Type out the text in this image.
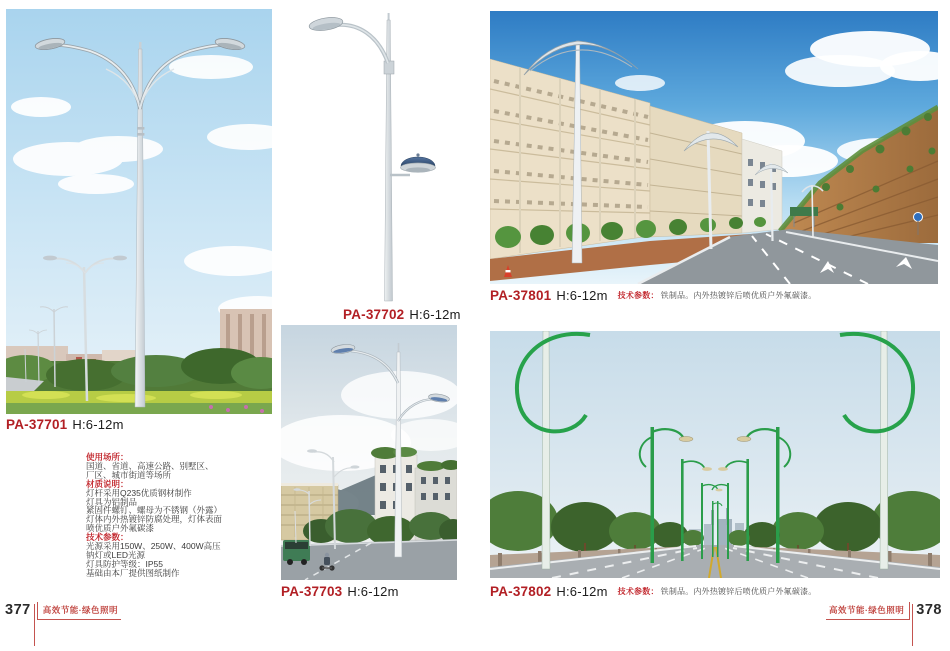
PA-37701 H:6-12m
使用场所：
国道、省道、高速公路、别墅区、
厂区、城市街道等场所
材质说明：
灯杆采用Q235优质钢材制作
灯具为铝制品
紧固件螺钉、螺母为不锈钢（外露）
灯体内外热镀锌防腐处理，灯体表面
喷优质户外氟碳漆
技术参数：
光源采用150W、250W、400W高压
钠灯或LED光源
灯具防护等级：IP55
基础由本厂提供图纸制作
PA-37702 H:6-12m
PA-37703 H:6-12m
PA-37801 H:6-12m 技术参数： 铁制品。内外热镀锌后喷优质户外氟碳漆。
PA-37802 H:6-12m 技术参数： 铁制品。内外热镀锌后喷优质户外氟碳漆。
377	高效节能·绿色照明	高效节能·绿色照明 378
